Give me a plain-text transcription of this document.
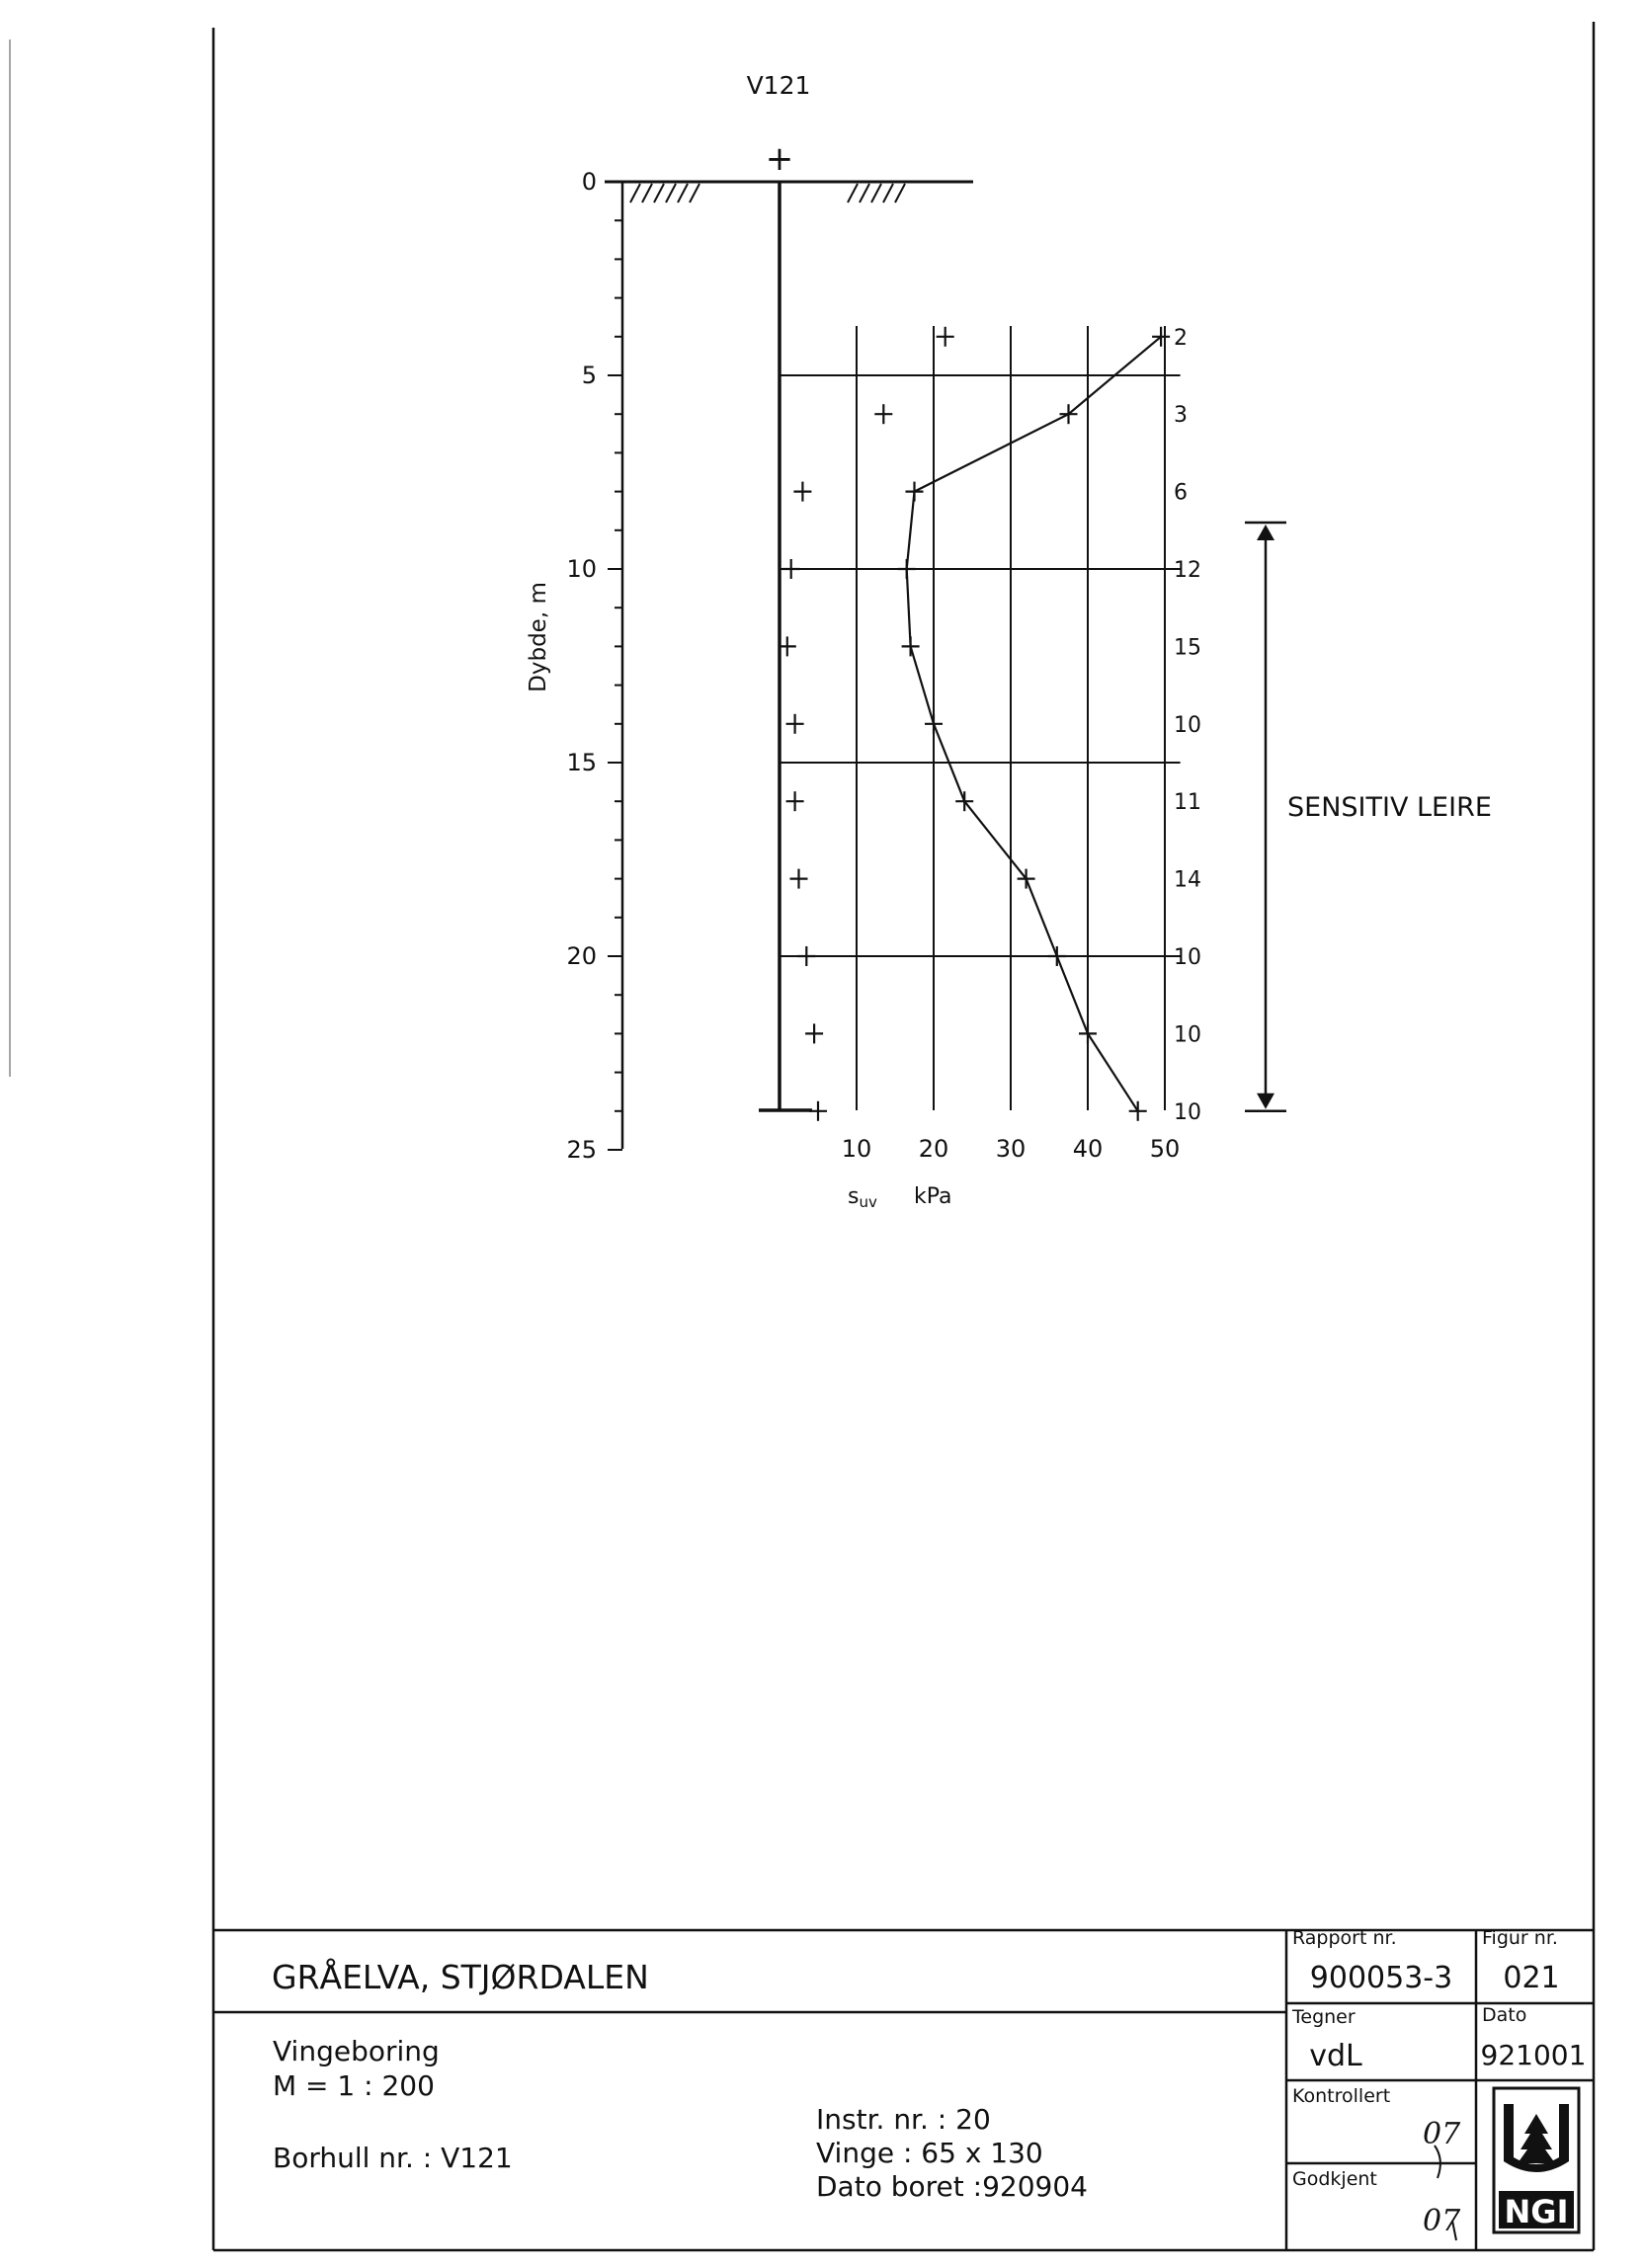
V121
+
0
5
10
15
20
25
Dybde, m
10 20 30 40 50
suv kPa
2
3
6
12
15
10
11
14
10
10
10
SENSITIV LEIRE
GRÅELVA, STJØRDALEN
Vingeboring
M = 1 : 200
Borhull nr. : V121
Instr. nr. : 20
Vinge : 65 x 130
Dato boret :920904
Rapport nr.
900053-3
Figur nr.
021
Tegner
vdL
Dato
921001
Kontrollert
07
Godkjent
07 NGI
